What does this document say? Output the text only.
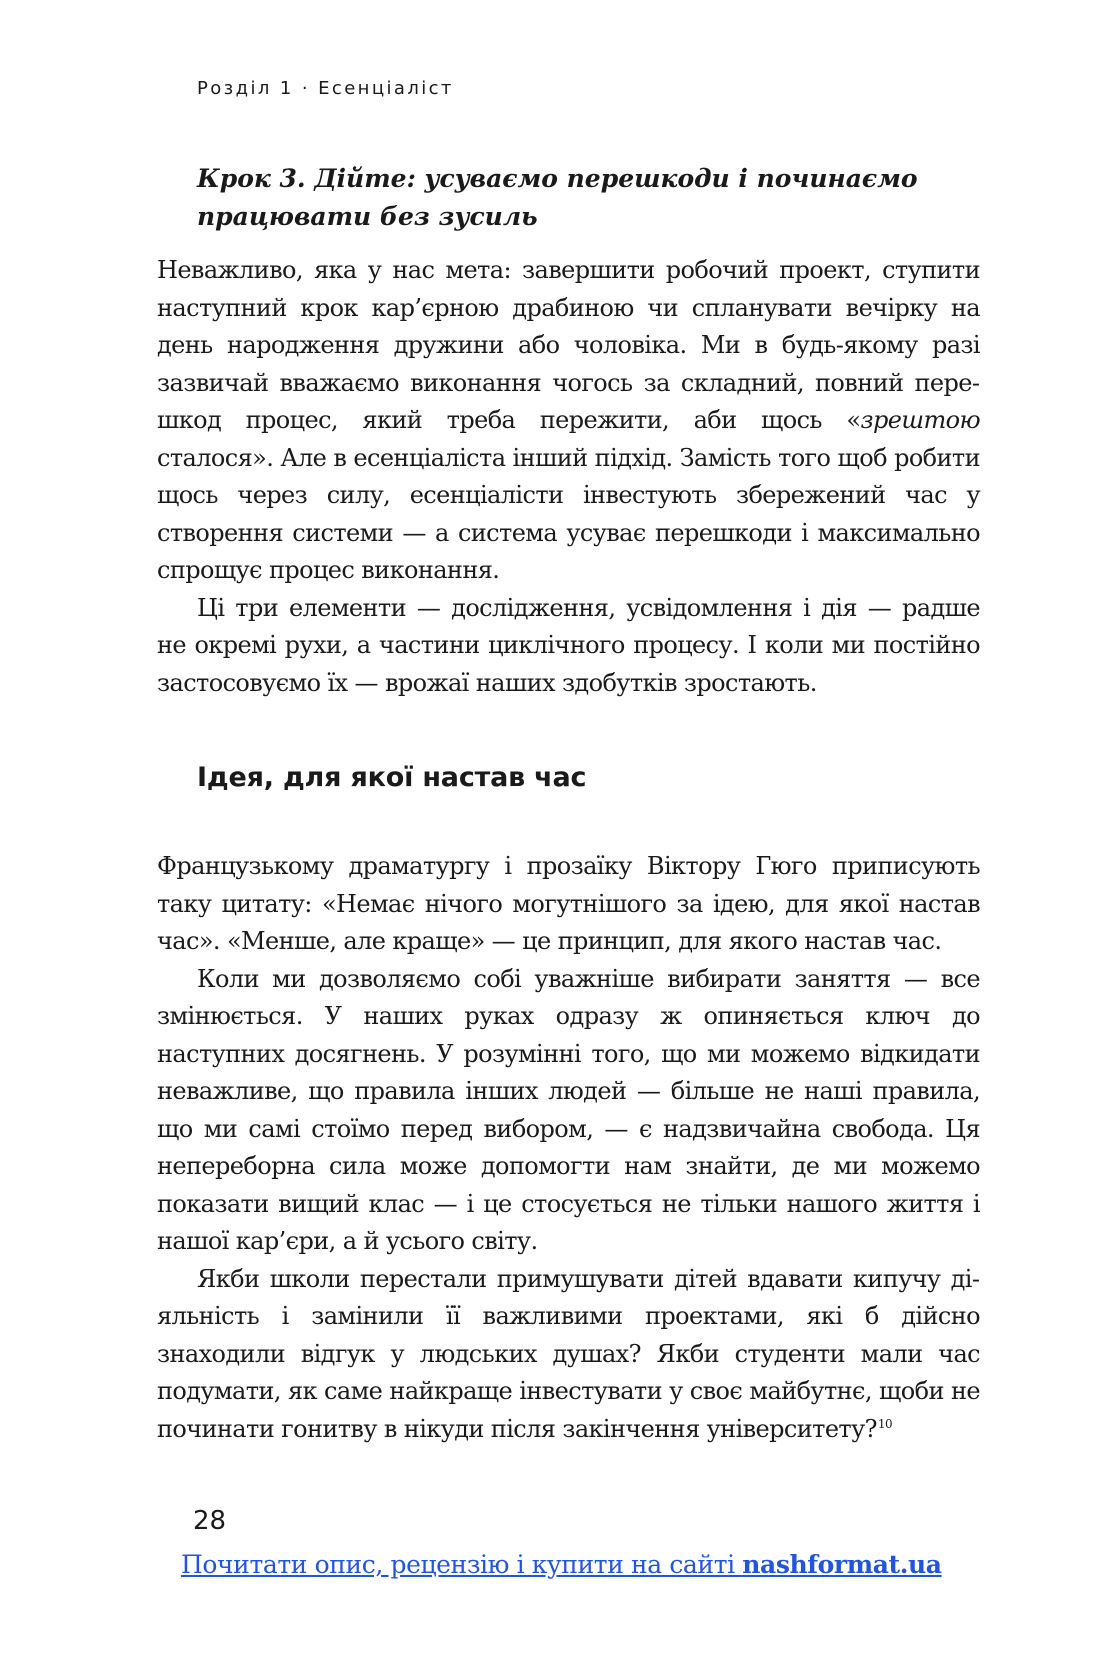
Розділ 1 · Есенціаліст
Крок 3. Дійте: усуваємо перешкоди і починаємо
працювати без зусиль

Неважливо, яка у нас мета: завершити робочий проект, ступити наступний крок кар’єрною драбиною чи спланувати вечірку на день народження дружини або чоловіка. Ми в будь-якому разі зазвичай вважаємо виконання чогось за складний, повний перешкод процес, який треба пережити, аби щось «зрештою сталося». Але в есенціаліста інший підхід. Замість того щоб робити щось через силу, есенціалісти інвестують збережений час у створення системи — а система усуває перешкоди і максимально спрощує процес виконання.

Ці три елементи — дослідження, усвідомлення і дія — радше не окремі рухи, а частини циклічного процесу. І коли ми постійно застосовуємо їх — врожаї наших здобутків зростають.

Ідея, для якої настав час

Французькому драматургу і прозаїку Віктору Гюго приписують таку цитату: «Немає нічого могутнішого за ідею, для якої настав час». «Менше, але краще» — це принцип, для якого настав час.

Коли ми дозволяємо собі уважніше вибирати заняття — все змінюється. У наших руках одразу ж опиняється ключ до наступних досягнень. У розумінні того, що ми можемо відкидати неважливе, що правила інших людей — більше не наші правила, що ми самі стоїмо перед вибором, — є надзвичайна свобода. Ця непереборна сила може допомогти нам знайти, де ми можемо показати вищий клас — і це стосується не тільки нашого життя і нашої кар’єри, а й усього світу.

Якби школи перестали примушувати дітей вдавати кипучу діяльність і замінили її важливими проектами, які б дійсно знаходили відгук у людських душах? Якби студенти мали час подумати, як саме найкраще інвестувати у своє майбутнє, щоби не починати гонитву в нікуди після закінчення університету?$^{10}$

28
Почитати опис, рецензію і купити на сайті nashformat.ua
